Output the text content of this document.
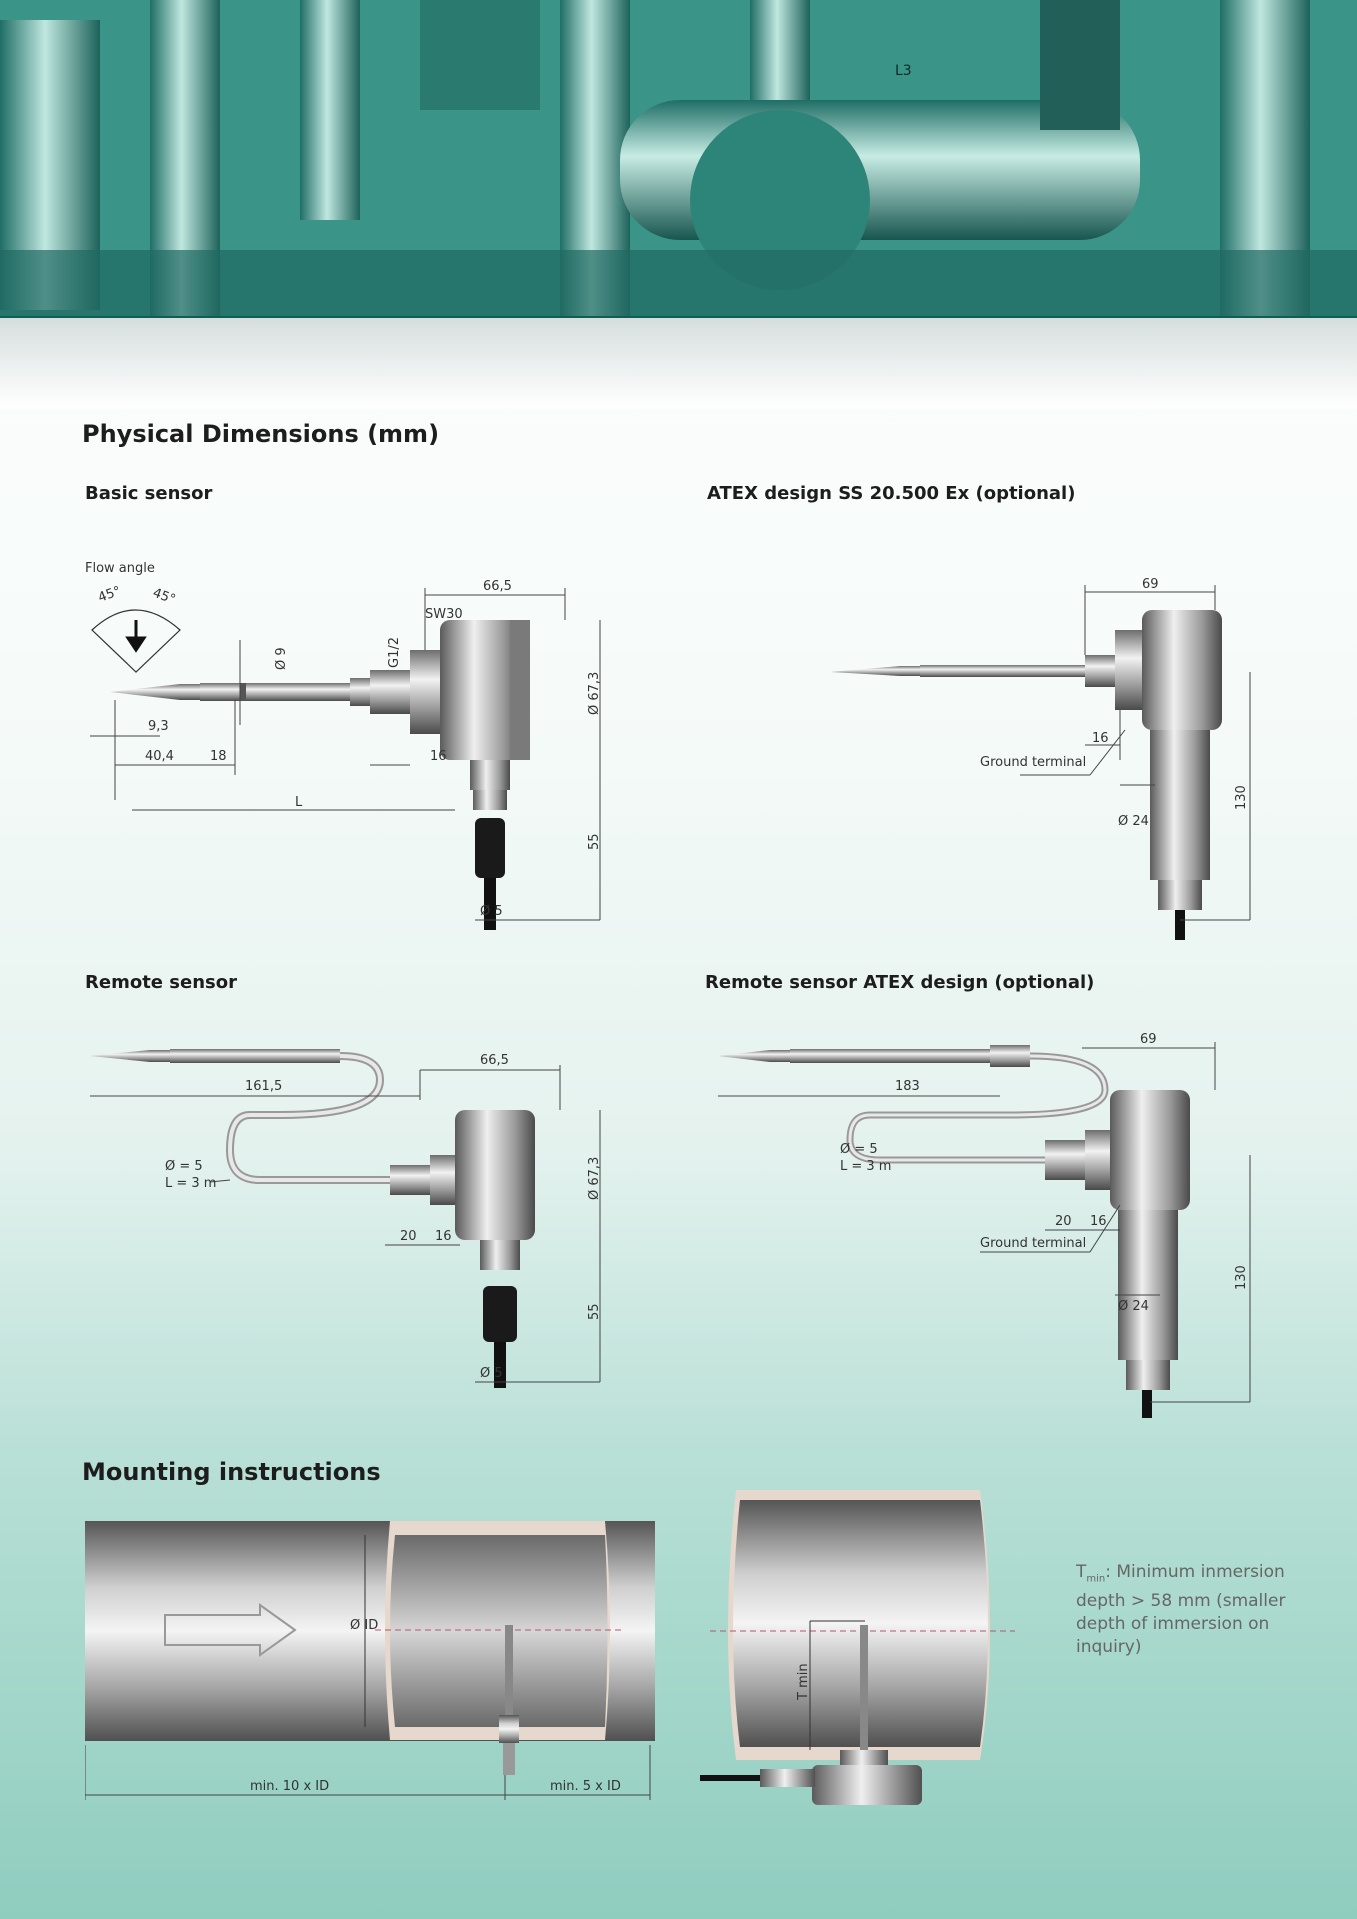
L3
Physical Dimensions (mm)
Basic sensor	ATEX design SS 20.500 Ex (optional)
Remote sensor	Remote sensor ATEX design (optional)
Mounting instructions
Flow angle
45° 45°	66,5
SW30
G1/2
Ø 9
Ø 67,3
9,3
40,4	18	16
L
55
Ø 5
69
16
Ground terminal
Ø 24
130
66,5
161,5
Ø = 5
L = 3 m	Ø 67,3
20 16
55
Ø 5
69
183
Ø = 5
L = 3 m
20 16
Ground terminal
Ø 24
130
Ø ID
min. 10 x ID	min. 5 x ID
T min
$T_{min}$: Minimum inmersion depth > 58 mm (smaller depth of immersion on inquiry)
